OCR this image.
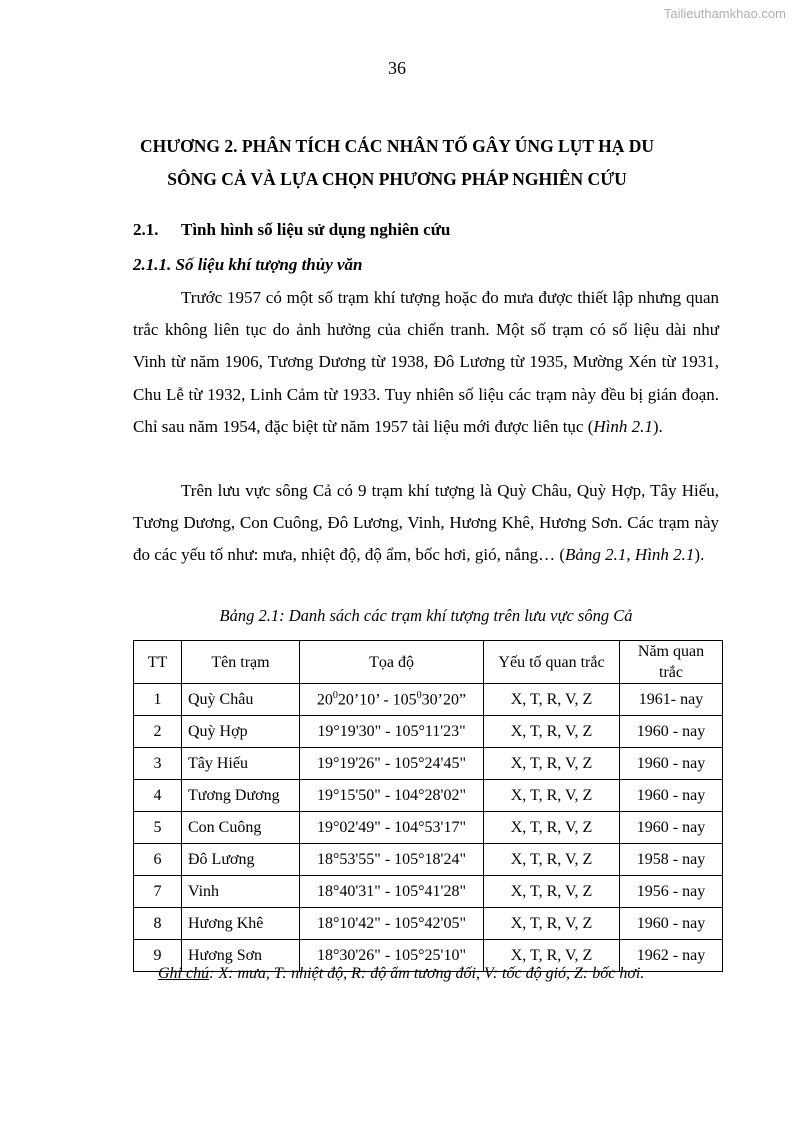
Tailieuthamkhao.com
36
CHƯƠNG 2. PHÂN TÍCH CÁC NHÂN TỐ GÂY ÚNG LỤT HẠ DU
SÔNG CẢ VÀ LỰA CHỌN PHƯƠNG PHÁP NGHIÊN CỨU
2.1. Tình hình số liệu sử dụng nghiên cứu
2.1.1. Số liệu khí tượng thủy văn

Trước 1957 có một số trạm khí tượng hoặc đo mưa được thiết lập nhưng quan trắc không liên tục do ảnh hưởng của chiến tranh. Một số trạm có số liệu dài như Vinh từ năm 1906, Tương Dương từ 1938, Đô Lương từ 1935, Mường Xén từ 1931, Chu Lễ từ 1932, Linh Cảm từ 1933. Tuy nhiên số liệu các trạm này đều bị gián đoạn. Chỉ sau năm 1954, đặc biệt từ năm 1957 tài liệu mới được liên tục (Hình 2.1).

Trên lưu vực sông Cả có 9 trạm khí tượng là Quỳ Châu, Quỳ Hợp, Tây Hiếu, Tương Dương, Con Cuông, Đô Lương, Vinh, Hương Khê, Hương Sơn. Các trạm này đo các yếu tố như: mưa, nhiệt độ, độ ẩm, bốc hơi, gió, nắng… (Bảng 2.1, Hình 2.1).

Bảng 2.1: Danh sách các trạm khí tượng trên lưu vực sông Cả
TT	Tên trạm	Tọa độ	Yếu tố quan trắc	Năm quan trắc
1	Quỳ Châu	$20^020’10$’ - $105^030’20$”	X, T, R, V, Z	1961- nay
2	Quỳ Hợp	19°19'30" - 105°11'23"	X, T, R, V, Z	1960 - nay
3	Tây Hiếu	19°19'26" - 105°24'45"	X, T, R, V, Z	1960 - nay
4	Tương Dương	19°15'50" - 104°28'02"	X, T, R, V, Z	1960 - nay
5	Con Cuông	19°02'49" - 104°53'17"	X, T, R, V, Z	1960 - nay
6	Đô Lương	18°53'55" - 105°18'24"	X, T, R, V, Z	1958 - nay
7	Vinh	18°40'31" - 105°41'28"	X, T, R, V, Z	1956 - nay
8	Hương Khê	18°10'42" - 105°42'05"	X, T, R, V, Z	1960 - nay
9	Hương Sơn	18°30'26" - 105°25'10"	X, T, R, V, Z	1962 - nay
Ghi chú: X: mưa, T: nhiệt độ, R: độ ẩm tương đối, V: tốc độ gió, Z: bốc hơi.
